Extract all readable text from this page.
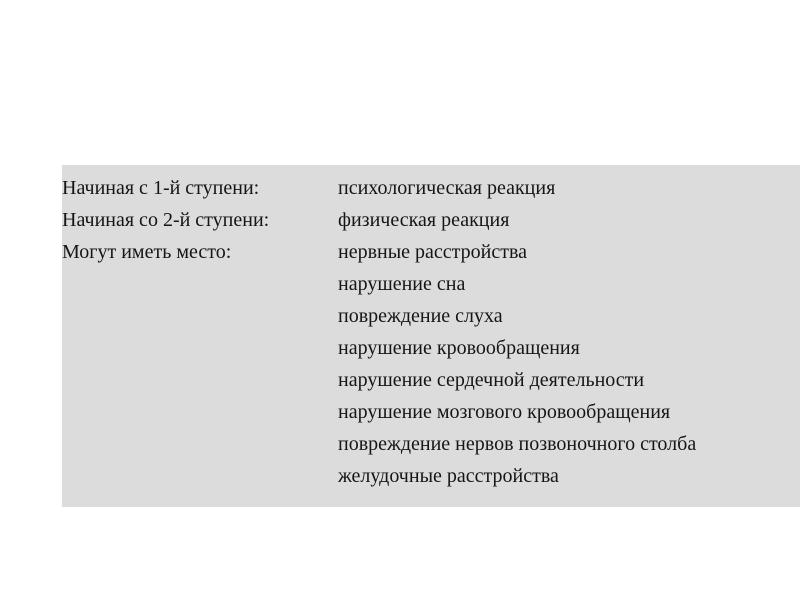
Начиная с 1-й ступени:	психологическая реакция
Начиная со 2-й ступени:	физическая реакция
Могут иметь место:	нервные расстройства
нарушение сна
повреждение слуха
нарушение кровообращения
нарушение сердечной деятельности
нарушение мозгового кровообращения
повреждение нервов позвоночного столба
желудочные расстройства
